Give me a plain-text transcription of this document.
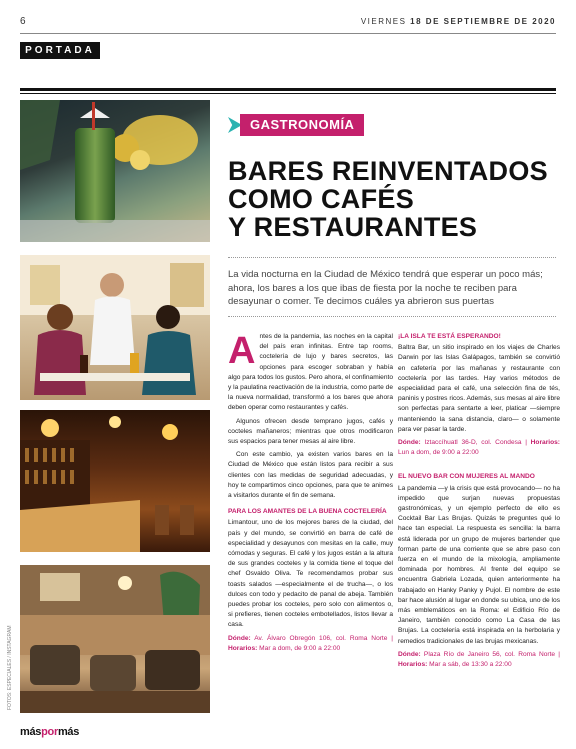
6	VIERNES 18 DE SEPTIEMBRE DE 2020
PORTADA
FOTOS: ESPECIALES / INSTAGRAM
GASTRONOMÍA
BARES REINVENTADOS
COMO CAFÉS
Y RESTAURANTES
La vida nocturna en la Ciudad de México tendrá que esperar un poco más; ahora, los bares a los que ibas de fiesta por la noche te reciben para desayunar o comer. Te decimos cuáles ya abrieron sus puertas

A ntes de la pandemia, las noches en la capital del país eran infinitas. Entre tap rooms, coctelería de lujo y bares secretos, las opciones para escoger sobraban y había algo para todos los gustos. Pero ahora, el confinamiento y la paulatina reactivación de la industria, como parte de la nueva normalidad, transformó a los bares que ahora deben operar como restaurantes y cafés.

Algunos ofrecen desde temprano jugos, cafés y cocteles mañaneros; mientras que otros modificaron sus espacios para tener mesas al aire libre.

Con este cambio, ya existen varios bares en la Ciudad de México que están listos para recibir a sus clientes con las medidas de seguridad adecuadas, y hoy te compartimos cinco opciones, para que te animes a visitarlos durante el fin de semana.

PARA LOS AMANTES DE LA BUENA COCTELERÍA

Limantour, uno de los mejores bares de la ciudad, del país y del mundo, se convirtió en barra de café de especialidad y desayunos con mesitas en la calle, muy cómodas y seguras. El café y los jugos están a la altura de sus grandes cocteles y la comida tiene el toque del chef Osvaldo Oliva. Te recomendamos probar sus toasts salados —especialmente el de trucha—, o los dulces con todo y pedacito de panal de abeja. También puedes probar los cocteles, pero solo con alimentos o, si prefieres, tienen cocteles embotellados, listos llevar a casa.

Dónde: Av. Álvaro Obregón 106, col. Roma Norte | Horarios: Mar a dom, de 9:00 a 22:00
¡LA ISLA TE ESTÁ ESPERANDO!

Baltra Bar, un sitio inspirado en los viajes de Charles Darwin por las Islas Galápagos, también se convirtió en cafetería por las mañanas y restaurante con coctelería por las tardes. Hay varios métodos de especialidad para el café, una selección fina de tés, paninis y postres ricos. Además, sus mesas al aire libre son perfectas para sentarte a leer, platicar —siempre manteniendo la sana distancia, claro— o solamente para ver pasar la tarde.

Dónde: Iztaccíhuatl 36-D, col. Condesa | Horarios: Lun a dom, de 9:00 a 22:00
EL NUEVO BAR CON MUJERES AL MANDO

La pandemia —y la crisis que está provocando— no ha impedido que surjan nuevas propuestas gastronómicas, y un ejemplo perfecto de ello es Cocktail Bar Las Brujas. Quizás te preguntes qué lo hace tan especial. La respuesta es sencilla: la barra está liderada por un grupo de mujeres bartender que forman parte de una corriente que se abre paso con fuerza en el mundo de la mixología, ampliamente dominada por hombres. Al frente del equipo se encuentra Gabriela Lozada, quien anteriormente ha trabajado en Hanky Panky y Pujol. El nombre de este bar hace alusión al lugar en donde su ubica, uno de los más emblemáticos en la Roma: el Edificio Río de Janeiro, también conocido como La Casa de las Brujas. La coctelería está inspirada en la herbolaria y remedios tradicionales de las brujas mexicanas.

Dónde: Plaza Río de Janeiro 56, col. Roma Norte | Horarios: Mar a sáb, de 13:30 a 22:00
máspormás
